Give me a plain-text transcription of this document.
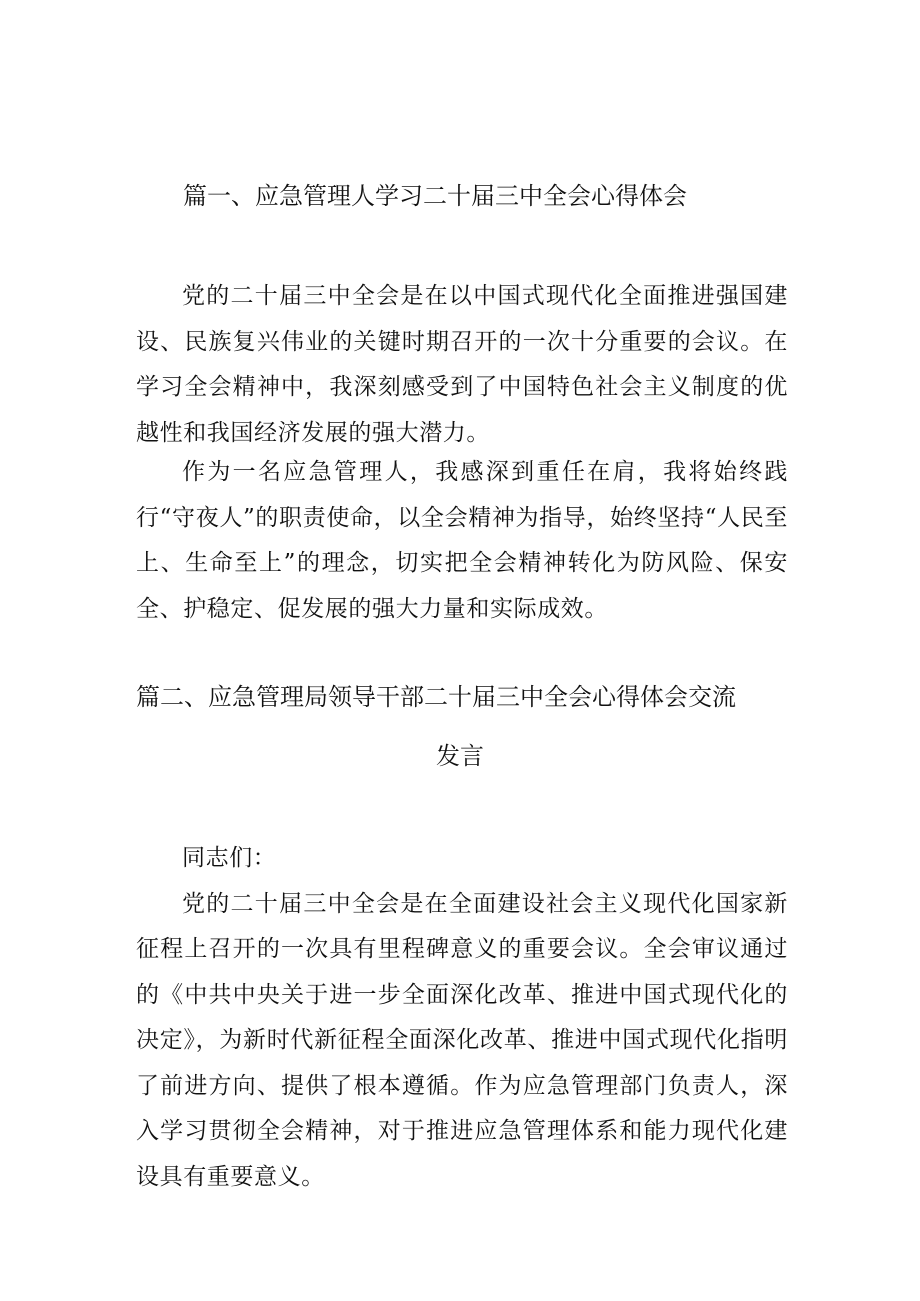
篇一、应急管理人学习二十届三中全会心得体会

党的二十届三中全会是在以中国式现代化全面推进强国建设、民族复兴伟业的关键时期召开的一次十分重要的会议。在学习全会精神中，我深刻感受到了中国特色社会主义制度的优越性和我国经济发展的强大潜力。

作为一名应急管理人，我感深到重任在肩，我将始终践行“守夜人”的职责使命，以全会精神为指导，始终坚持“人民至上、生命至上”的理念，切实把全会精神转化为防风险、保安全、护稳定、促发展的强大力量和实际成效。

篇二、应急管理局领导干部二十届三中全会心得体会交流
发言

同志们：

党的二十届三中全会是在全面建设社会主义现代化国家新征程上召开的一次具有里程碑意义的重要会议。全会审议通过的《中共中央关于进一步全面深化改革、推进中国式现代化的决定》，为新时代新征程全面深化改革、推进中国式现代化指明了前进方向、提供了根本遵循。作为应急管理部门负责人，深入学习贯彻全会精神，对于推进应急管理体系和能力现代化建设具有重要意义。
